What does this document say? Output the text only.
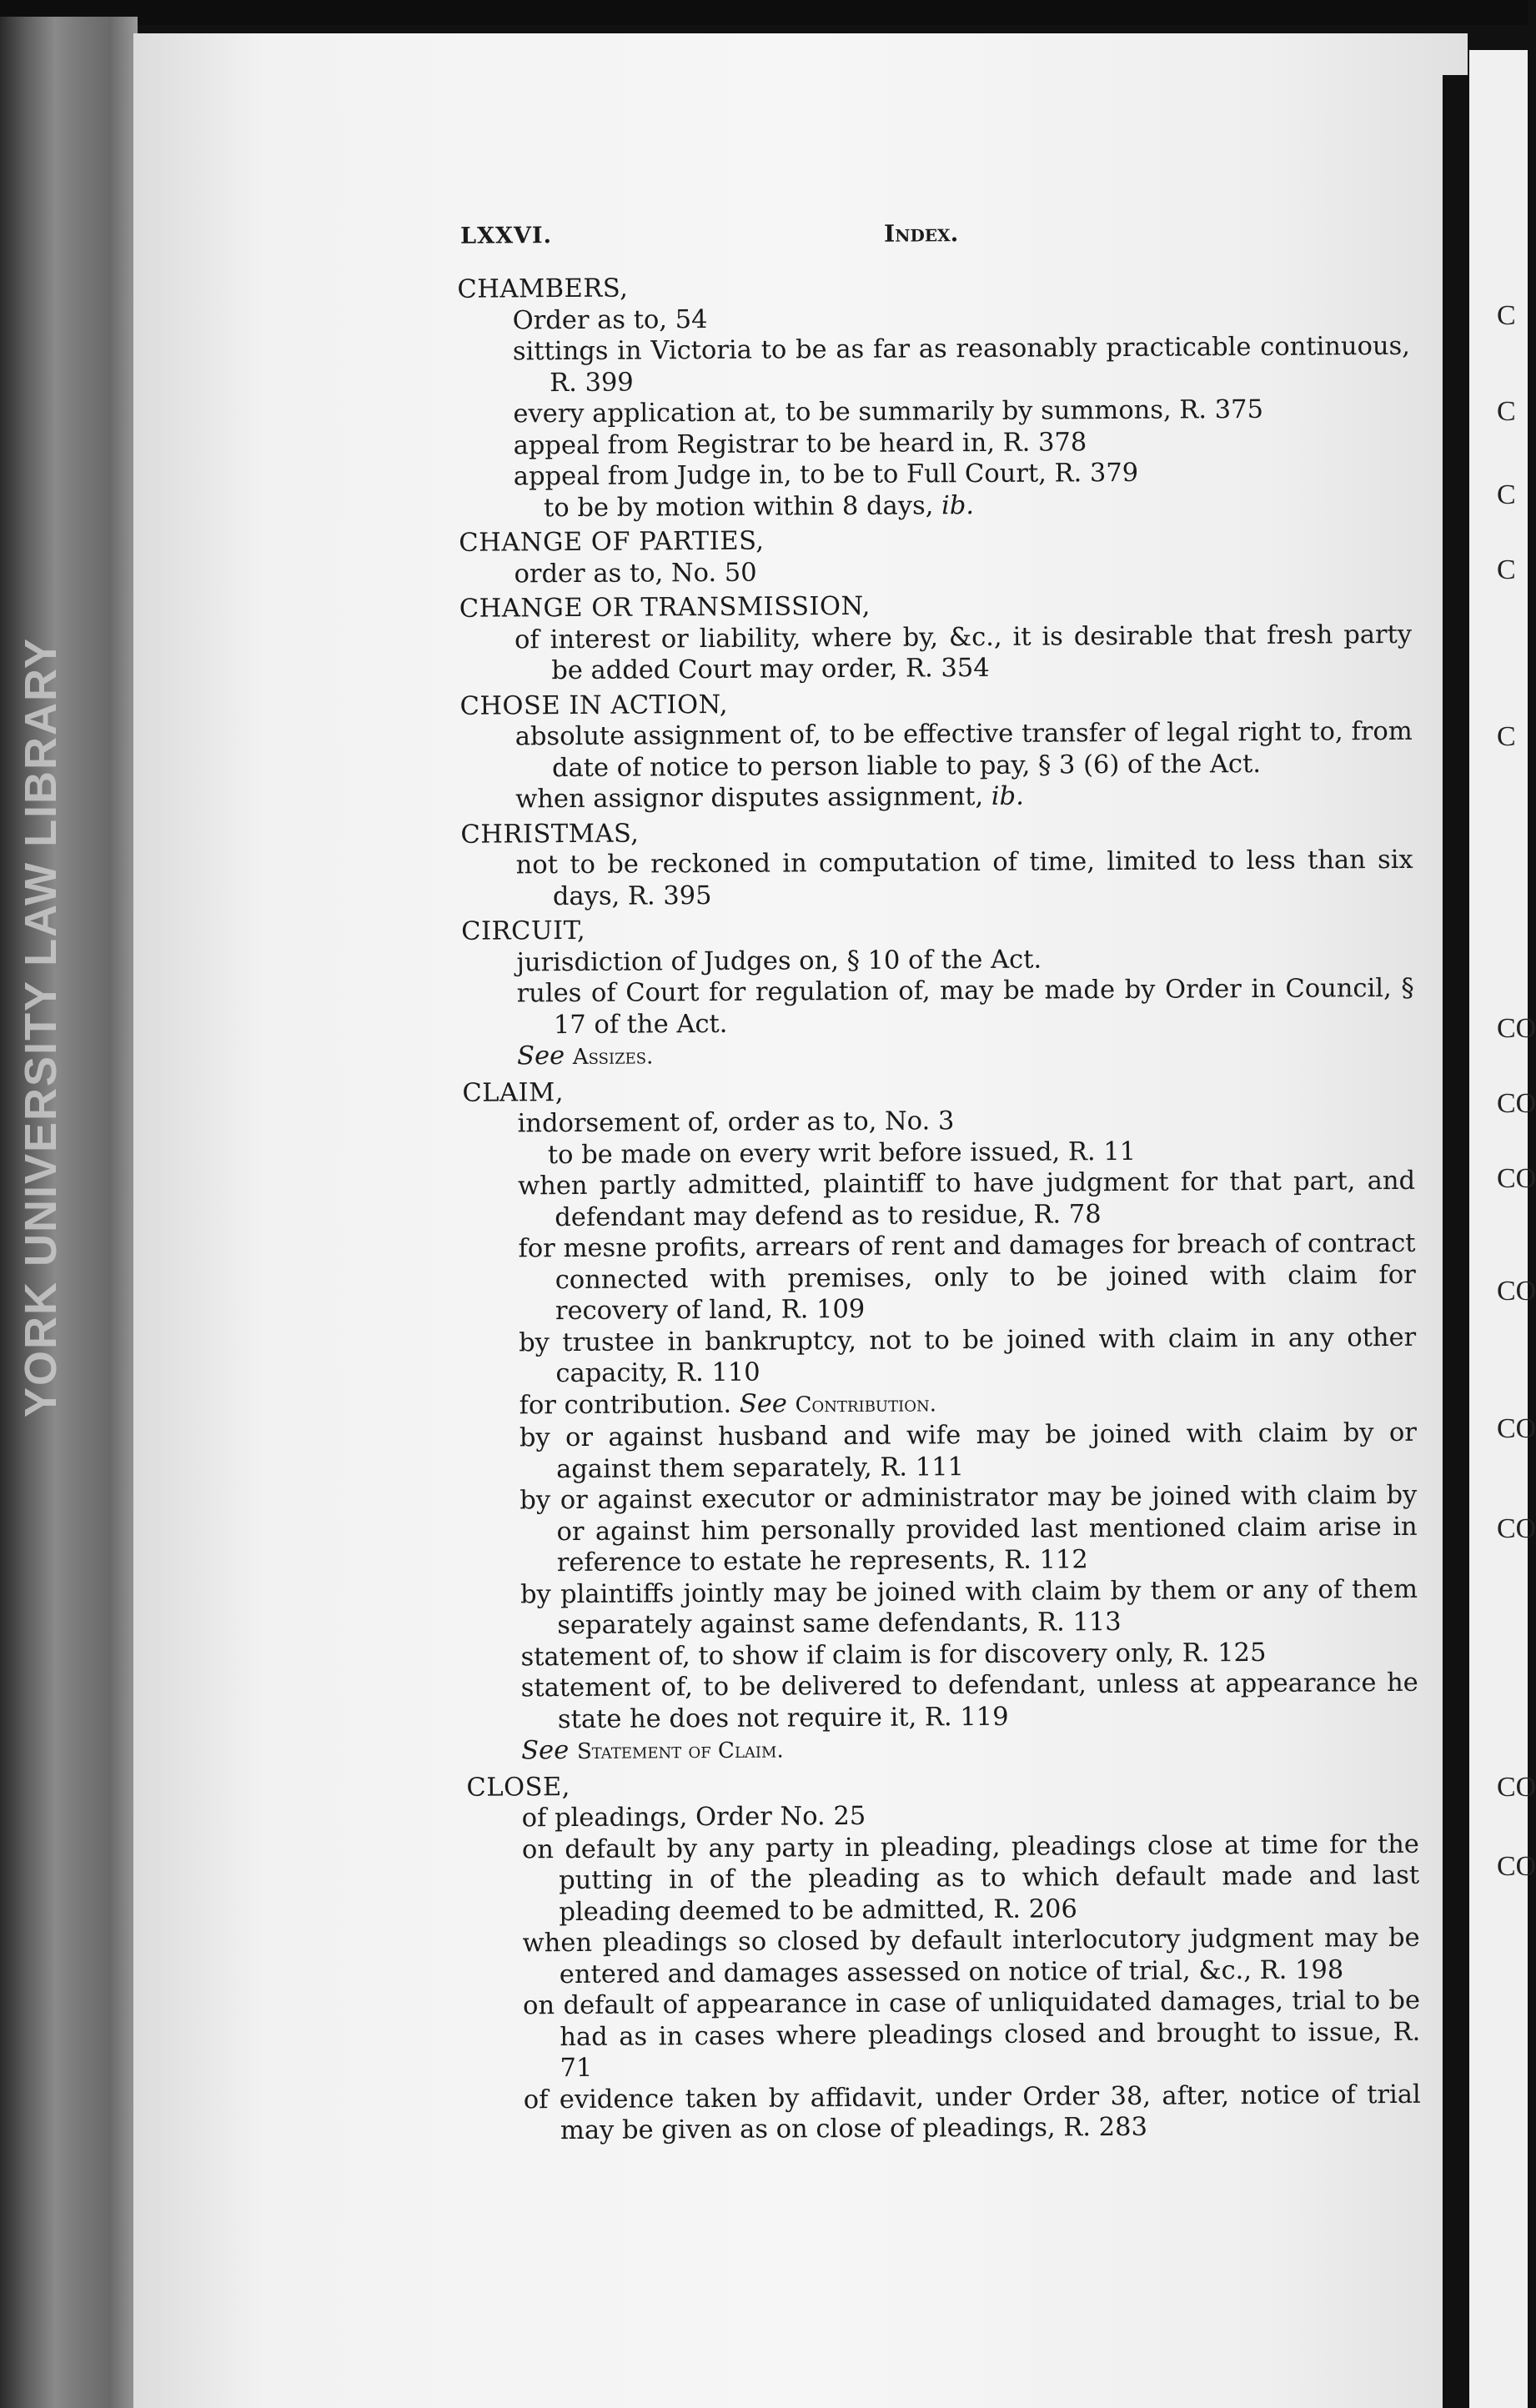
YORK UNIVERSITY LAW LIBRARY
C
C
C
C
C
CO
CO
CO
CO
CO
CO
CO
CO
LXXVI.	Index.
CHAMBERS,
Order as to, 54
sittings in Victoria to be as far as reasonably practicable continuous, R. 399
every application at, to be summarily by summons, R. 375
appeal from Registrar to be heard in, R. 378
appeal from Judge in, to be to Full Court, R. 379
to be by motion within 8 days, ib.
CHANGE OF PARTIES,
order as to, No. 50
CHANGE OR TRANSMISSION,
of interest or liability, where by, &c., it is desirable that fresh party be added Court may order, R. 354
CHOSE IN ACTION,
absolute assignment of, to be effective transfer of legal right to, from date of notice to person liable to pay, § 3 (6) of the Act.
when assignor disputes assignment, ib.
CHRISTMAS,
not to be reckoned in computation of time, limited to less than six days, R. 395
CIRCUIT,
jurisdiction of Judges on, § 10 of the Act.
rules of Court for regulation of, may be made by Order in Council, § 17 of the Act.
See Assizes.
CLAIM,
indorsement of, order as to, No. 3
to be made on every writ before issued, R. 11
when partly admitted, plaintiff to have judgment for that part, and defendant may defend as to residue, R. 78
for mesne profits, arrears of rent and damages for breach of contract connected with premises, only to be joined with claim for recovery of land, R. 109
by trustee in bankruptcy, not to be joined with claim in any other capacity, R. 110
for contribution. See Contribution.
by or against husband and wife may be joined with claim by or against them separately, R. 111
by or against executor or administrator may be joined with claim by or against him personally provided last mentioned claim arise in reference to estate he represents, R. 112
by plaintiffs jointly may be joined with claim by them or any of them separately against same defendants, R. 113
statement of, to show if claim is for discovery only, R. 125
statement of, to be delivered to defendant, unless at appearance he state he does not require it, R. 119
See Statement of Claim.
CLOSE,
of pleadings, Order No. 25
on default by any party in pleading, pleadings close at time for the putting in of the pleading as to which default made and last pleading deemed to be admitted, R. 206
when pleadings so closed by default interlocutory judgment may be entered and damages assessed on notice of trial, &c., R. 198
on default of appearance in case of unliquidated damages, trial to be had as in cases where pleadings closed and brought to issue, R. 71
of evidence taken by affidavit, under Order 38, after, notice of trial may be given as on close of pleadings, R. 283
